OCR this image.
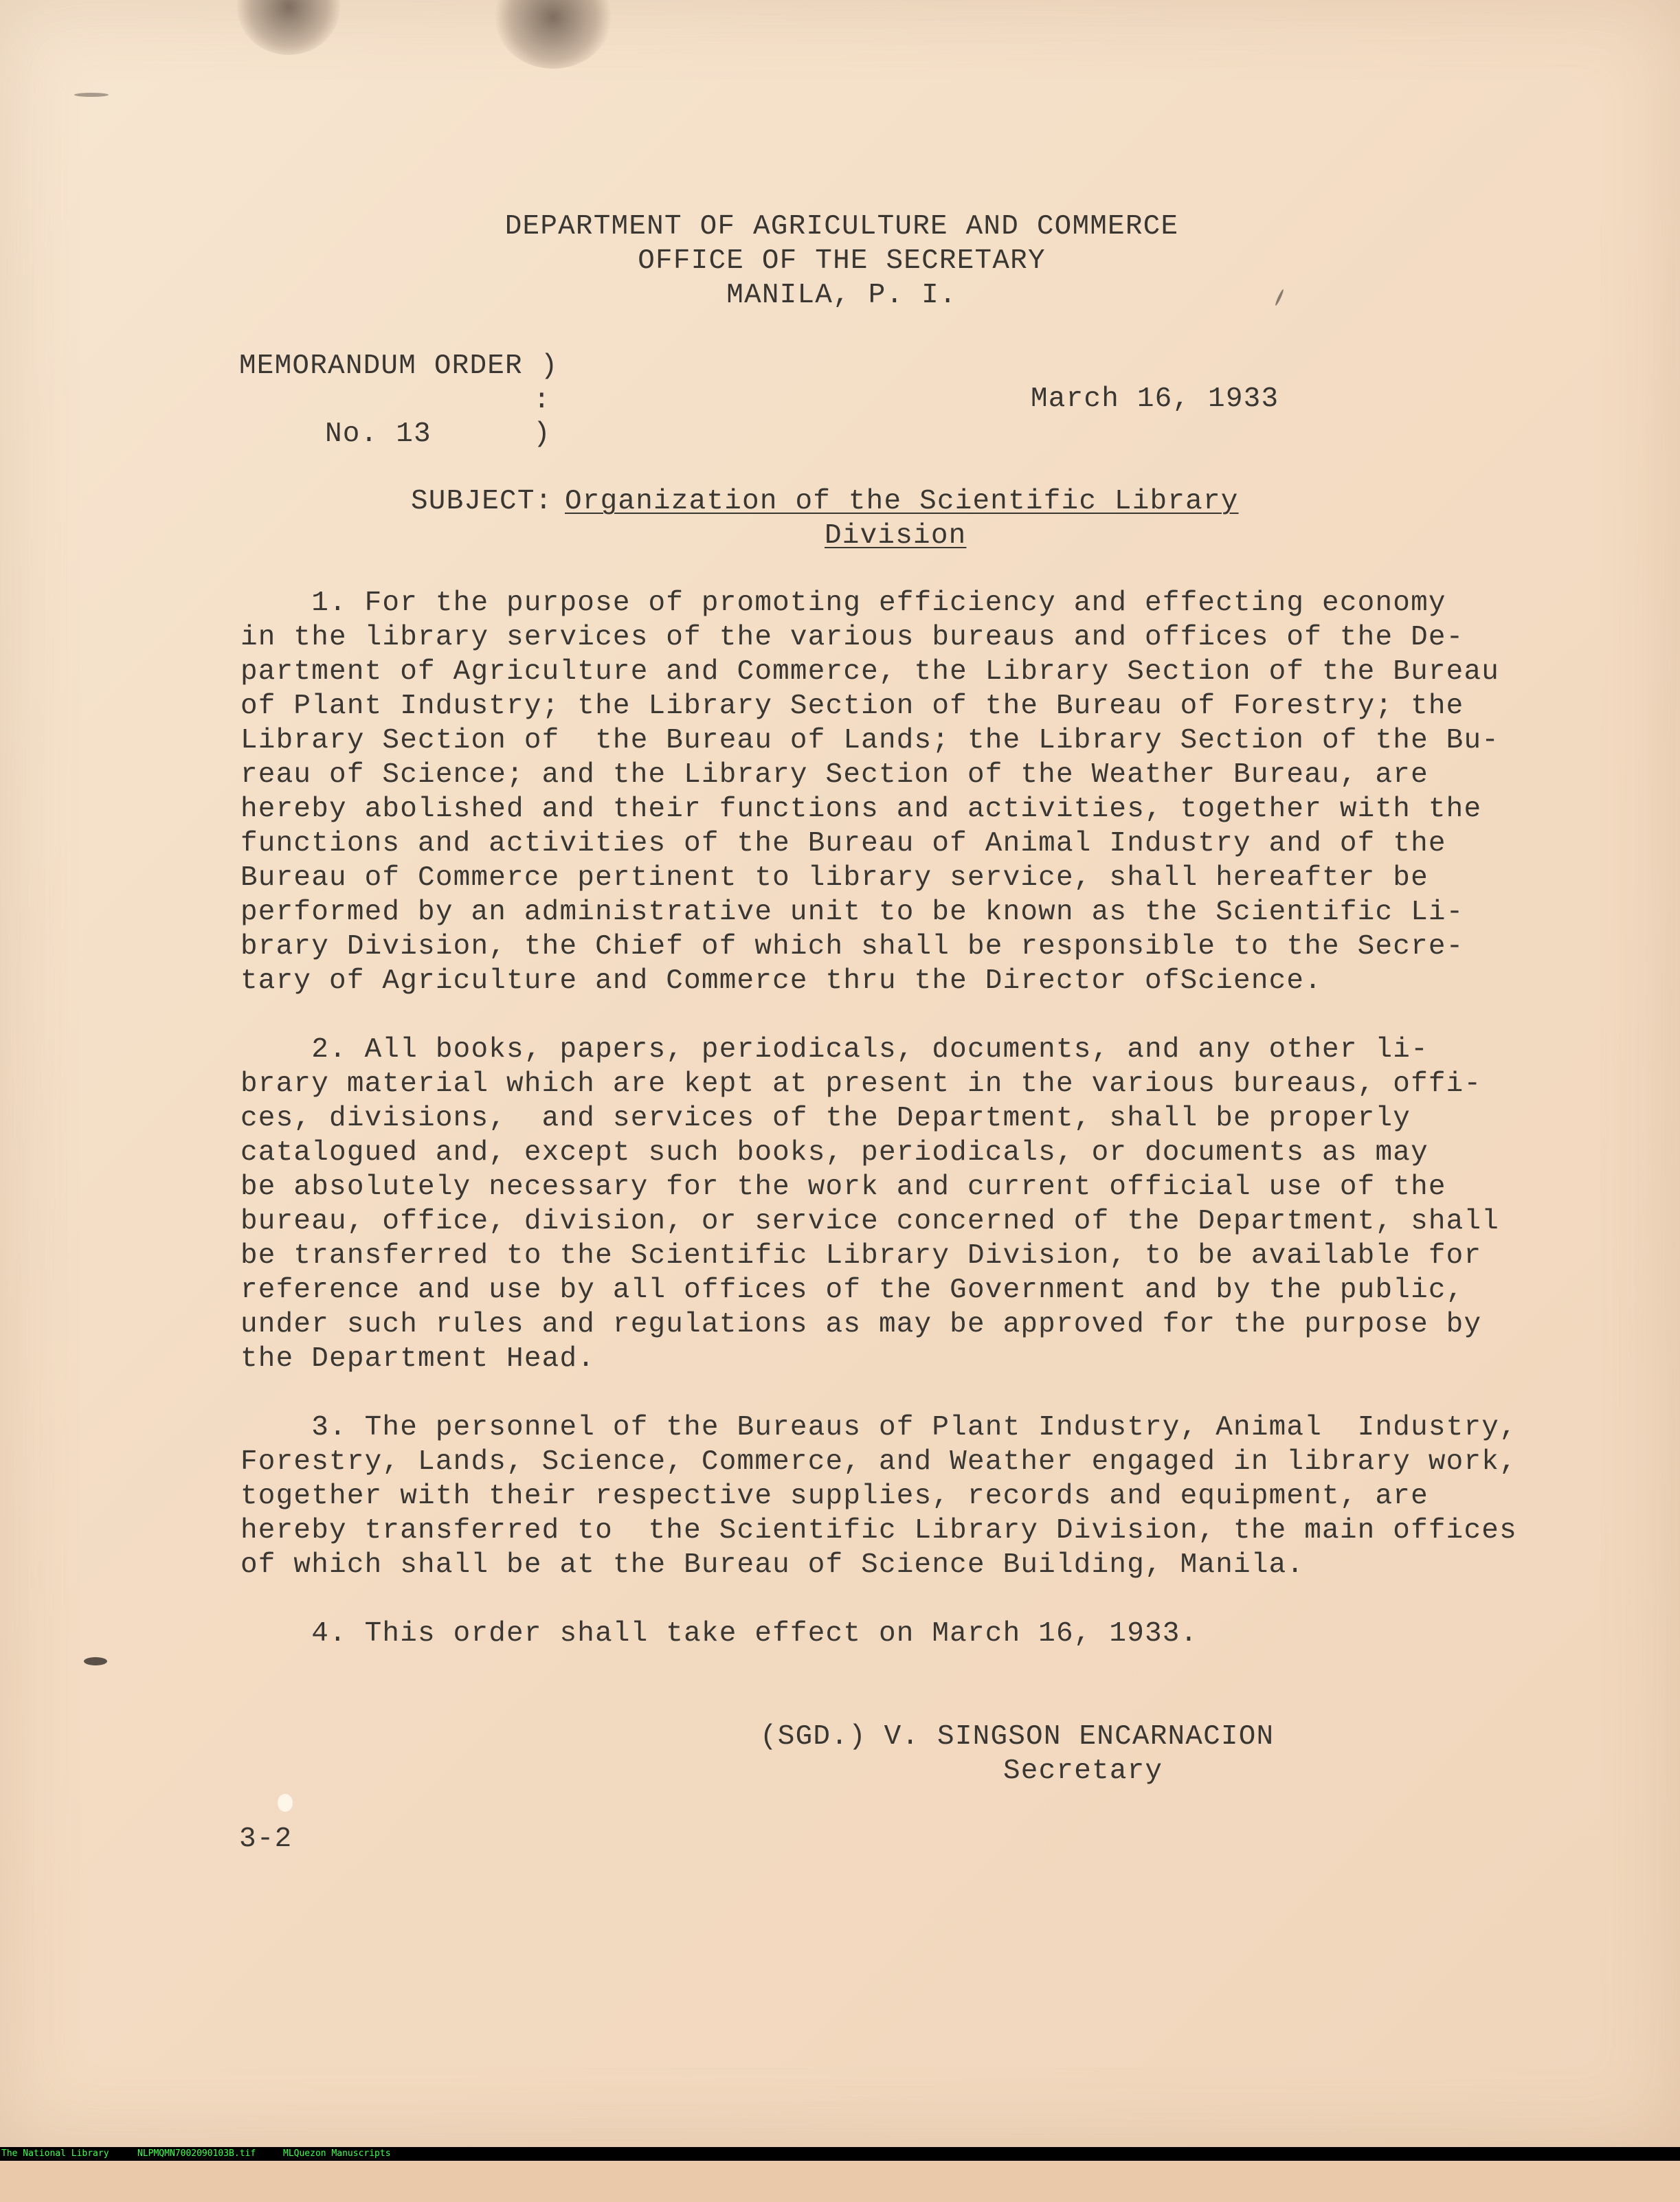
DEPARTMENT OF AGRICULTURE AND COMMERCE
OFFICE OF THE SECRETARY
MANILA, P. I.
MEMORANDUM ORDER )
:
No. 13	)
March 16, 1933
SUBJECT: Organization of the Scientific Library
Division
1. For the purpose of promoting efficiency and effecting economy
in the library services of the various bureaus and offices of the De-
partment of Agriculture and Commerce, the Library Section of the Bureau
of Plant Industry; the Library Section of the Bureau of Forestry; the
Library Section of  the Bureau of Lands; the Library Section of the Bu-
reau of Science; and the Library Section of the Weather Bureau, are
hereby abolished and their functions and activities, together with the
functions and activities of the Bureau of Animal Industry and of the
Bureau of Commerce pertinent to library service, shall hereafter be
performed by an administrative unit to be known as the Scientific Li-
brary Division, the Chief of which shall be responsible to the Secre-
tary of Agriculture and Commerce thru the Director ofScience.
2. All books, papers, periodicals, documents, and any other li-
brary material which are kept at present in the various bureaus, offi-
ces, divisions,  and services of the Department, shall be properly
catalogued and, except such books, periodicals, or documents as may
be absolutely necessary for the work and current official use of the
bureau, office, division, or service concerned of the Department, shall
be transferred to the Scientific Library Division, to be available for
reference and use by all offices of the Government and by the public,
under such rules and regulations as may be approved for the purpose by
the Department Head.
3. The personnel of the Bureaus of Plant Industry, Animal  Industry,
Forestry, Lands, Science, Commerce, and Weather engaged in library work,
together with their respective supplies, records and equipment, are
hereby transferred to  the Scientific Library Division, the main offices
of which shall be at the Bureau of Science Building, Manila.
4. This order shall take effect on March 16, 1933.
(SGD.) V. SINGSON ENCARNACION
Secretary
3-2

The National Library

	NLPMQMN7002090103B.tif

	MLQuezon Manuscripts
